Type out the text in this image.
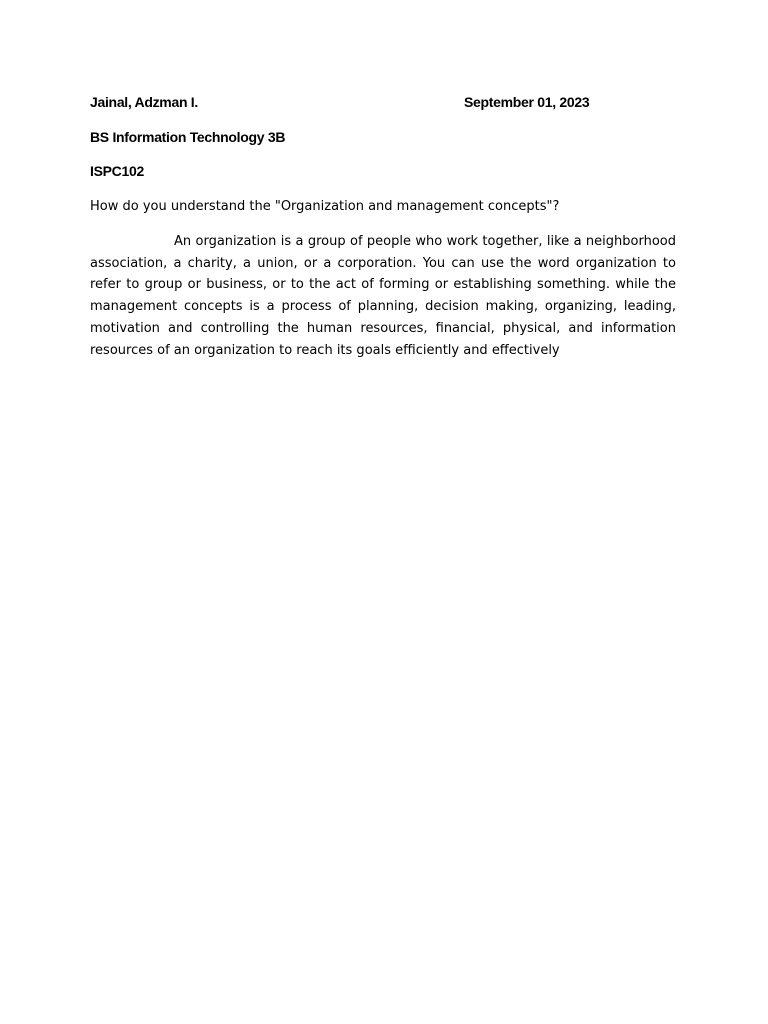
Jainal, Adzman I.	September 01, 2023
BS Information Technology 3B
ISPC102
How do you understand the "Organization and management concepts"?

An organization is a group of people who work together, like a neighborhood association, a charity, a union, or a corporation. You can use the word organization to refer to group or business, or to the act of forming or establishing something. while the management concepts is a process of planning, decision making, organizing, leading, motivation and controlling the human resources, financial, physical, and information resources of an organization to reach its goals efficiently and effectively
